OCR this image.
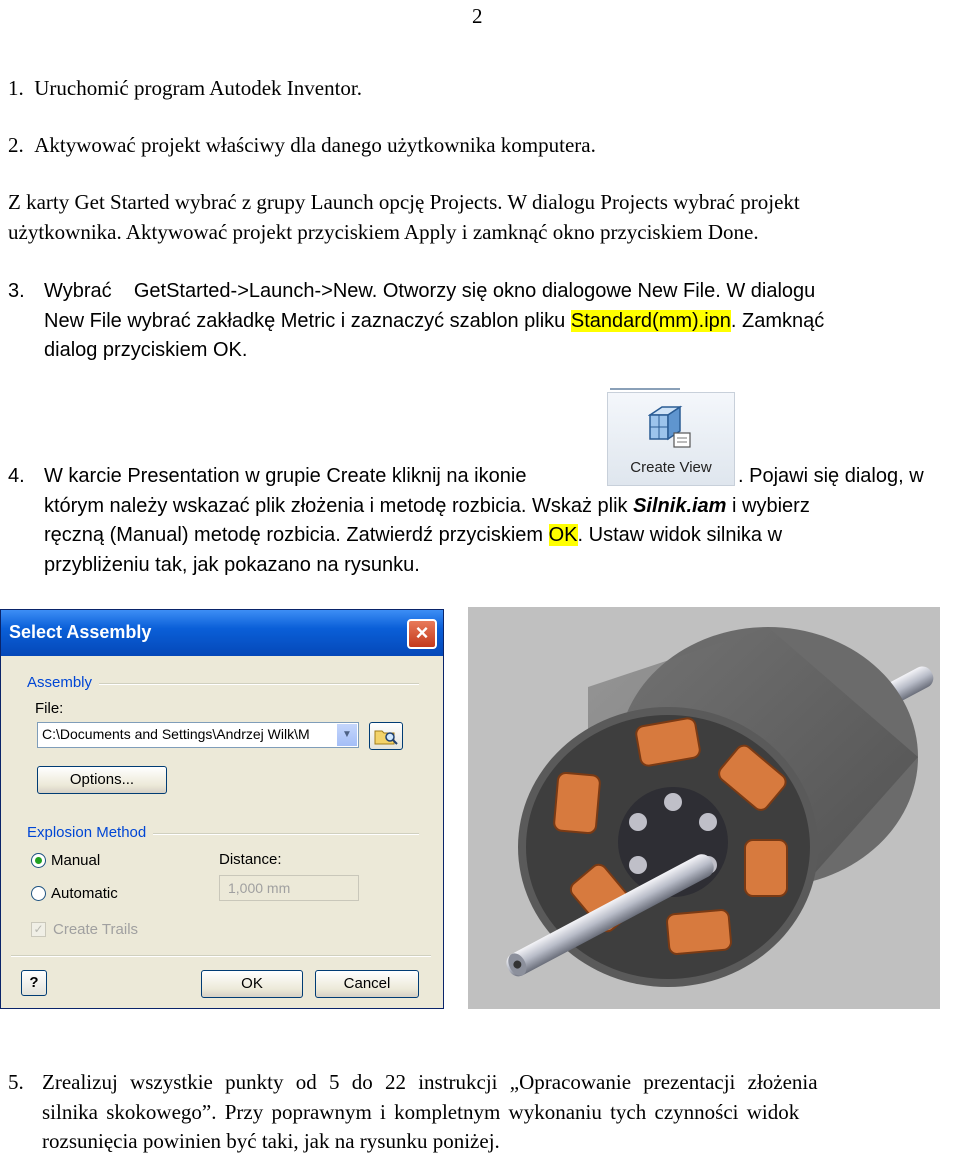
2
1.  Uruchomić program Autodek Inventor.
2.  Aktywować projekt właściwy dla danego użytkownika komputera.
Z karty Get Started wybrać z grupy Launch opcję Projects. W dialogu Projects wybrać projekt
użytkownika. Aktywować projekt przyciskiem Apply i zamknąć okno przyciskiem Done.
3. Wybrać    GetStarted->Launch->New. Otworzy się okno dialogowe New File. W dialogu
New File wybrać zakładkę Metric i zaznaczyć szablon pliku Standard(mm).ipn. Zamknąć
dialog przyciskiem OK.
Create View
4. W karcie Presentation w grupie Create kliknij na ikonie	. Pojawi się dialog, w
którym należy wskazać plik złożenia i metodę rozbicia. Wskaż plik Silnik.iam i wybierz
ręczną (Manual) metodę rozbicia. Zatwierdź przyciskiem OK. Ustaw widok silnika w
przybliżeniu tak, jak pokazano na rysunku.
Select Assembly	×
Assembly
File:
C:\Documents and Settings\Andrzej Wilk\M	▼
Options...
Explosion Method
Manual
Automatic
Distance:
1,000 mm
✓ Create Trails
?	OK	Cancel
5. Zrealizuj wszystkie punkty od 5 do 22 instrukcji „Opracowanie prezentacji złożenia
silnika skokowego”. Przy poprawnym i kompletnym wykonaniu tych czynności widok
rozsunięcia powinien być taki, jak na rysunku poniżej.
